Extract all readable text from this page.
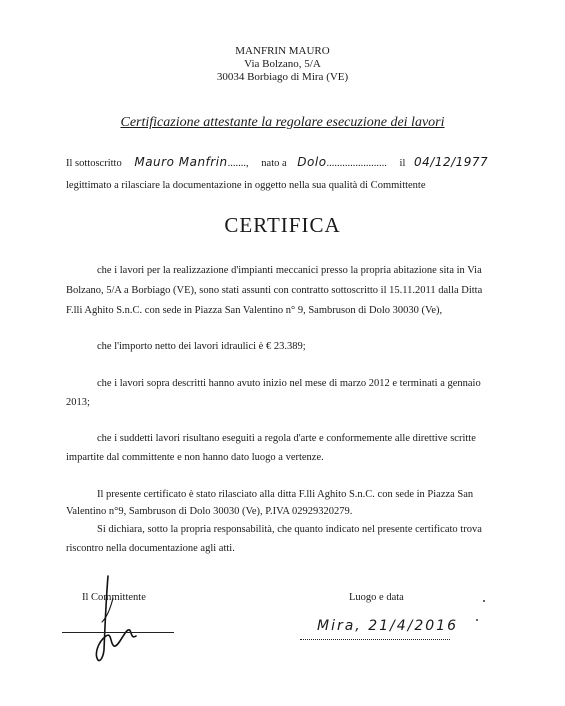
MANFRIN MAURO
Via Bolzano, 5/A
30034 Borbiago di Mira (VE)
Certificazione attestante la regolare esecuzione dei lavori
Il sottoscritto Mauro Manfrin......., nato a Dolo....................... il 04/12/1977
legittimato a rilasciare la documentazione in oggetto nella sua qualità di Committente
CERTIFICA
che i lavori per la realizzazione d'impianti meccanici presso la propria abitazione sita in Via
Bolzano, 5/A a Borbiago (VE), sono stati assunti con contratto sottoscritto il 15.11.2011 dalla Ditta
F.lli Aghito S.n.C. con sede in Piazza San Valentino n° 9, Sambruson di Dolo 30030 (Ve),
che l'importo netto dei lavori idraulici è € 23.389;
che i lavori sopra descritti hanno avuto inizio nel mese di marzo 2012 e terminati a gennaio
2013;
che i suddetti lavori risultano eseguiti a regola d'arte e conformemente alle direttive scritte
impartite dal committente e non hanno dato luogo a vertenze.
Il presente certificato è stato rilasciato alla ditta F.lli Aghito S.n.C. con sede in Piazza San
Valentino n°9, Sambruson di Dolo 30030 (Ve), P.IVA 02929320279.
Si dichiara, sotto la propria responsabilità, che quanto indicato nel presente certificato trova
riscontro nella documentazione agli atti.
Il Committente	Luogo e data
Mira, 21/4/2016
